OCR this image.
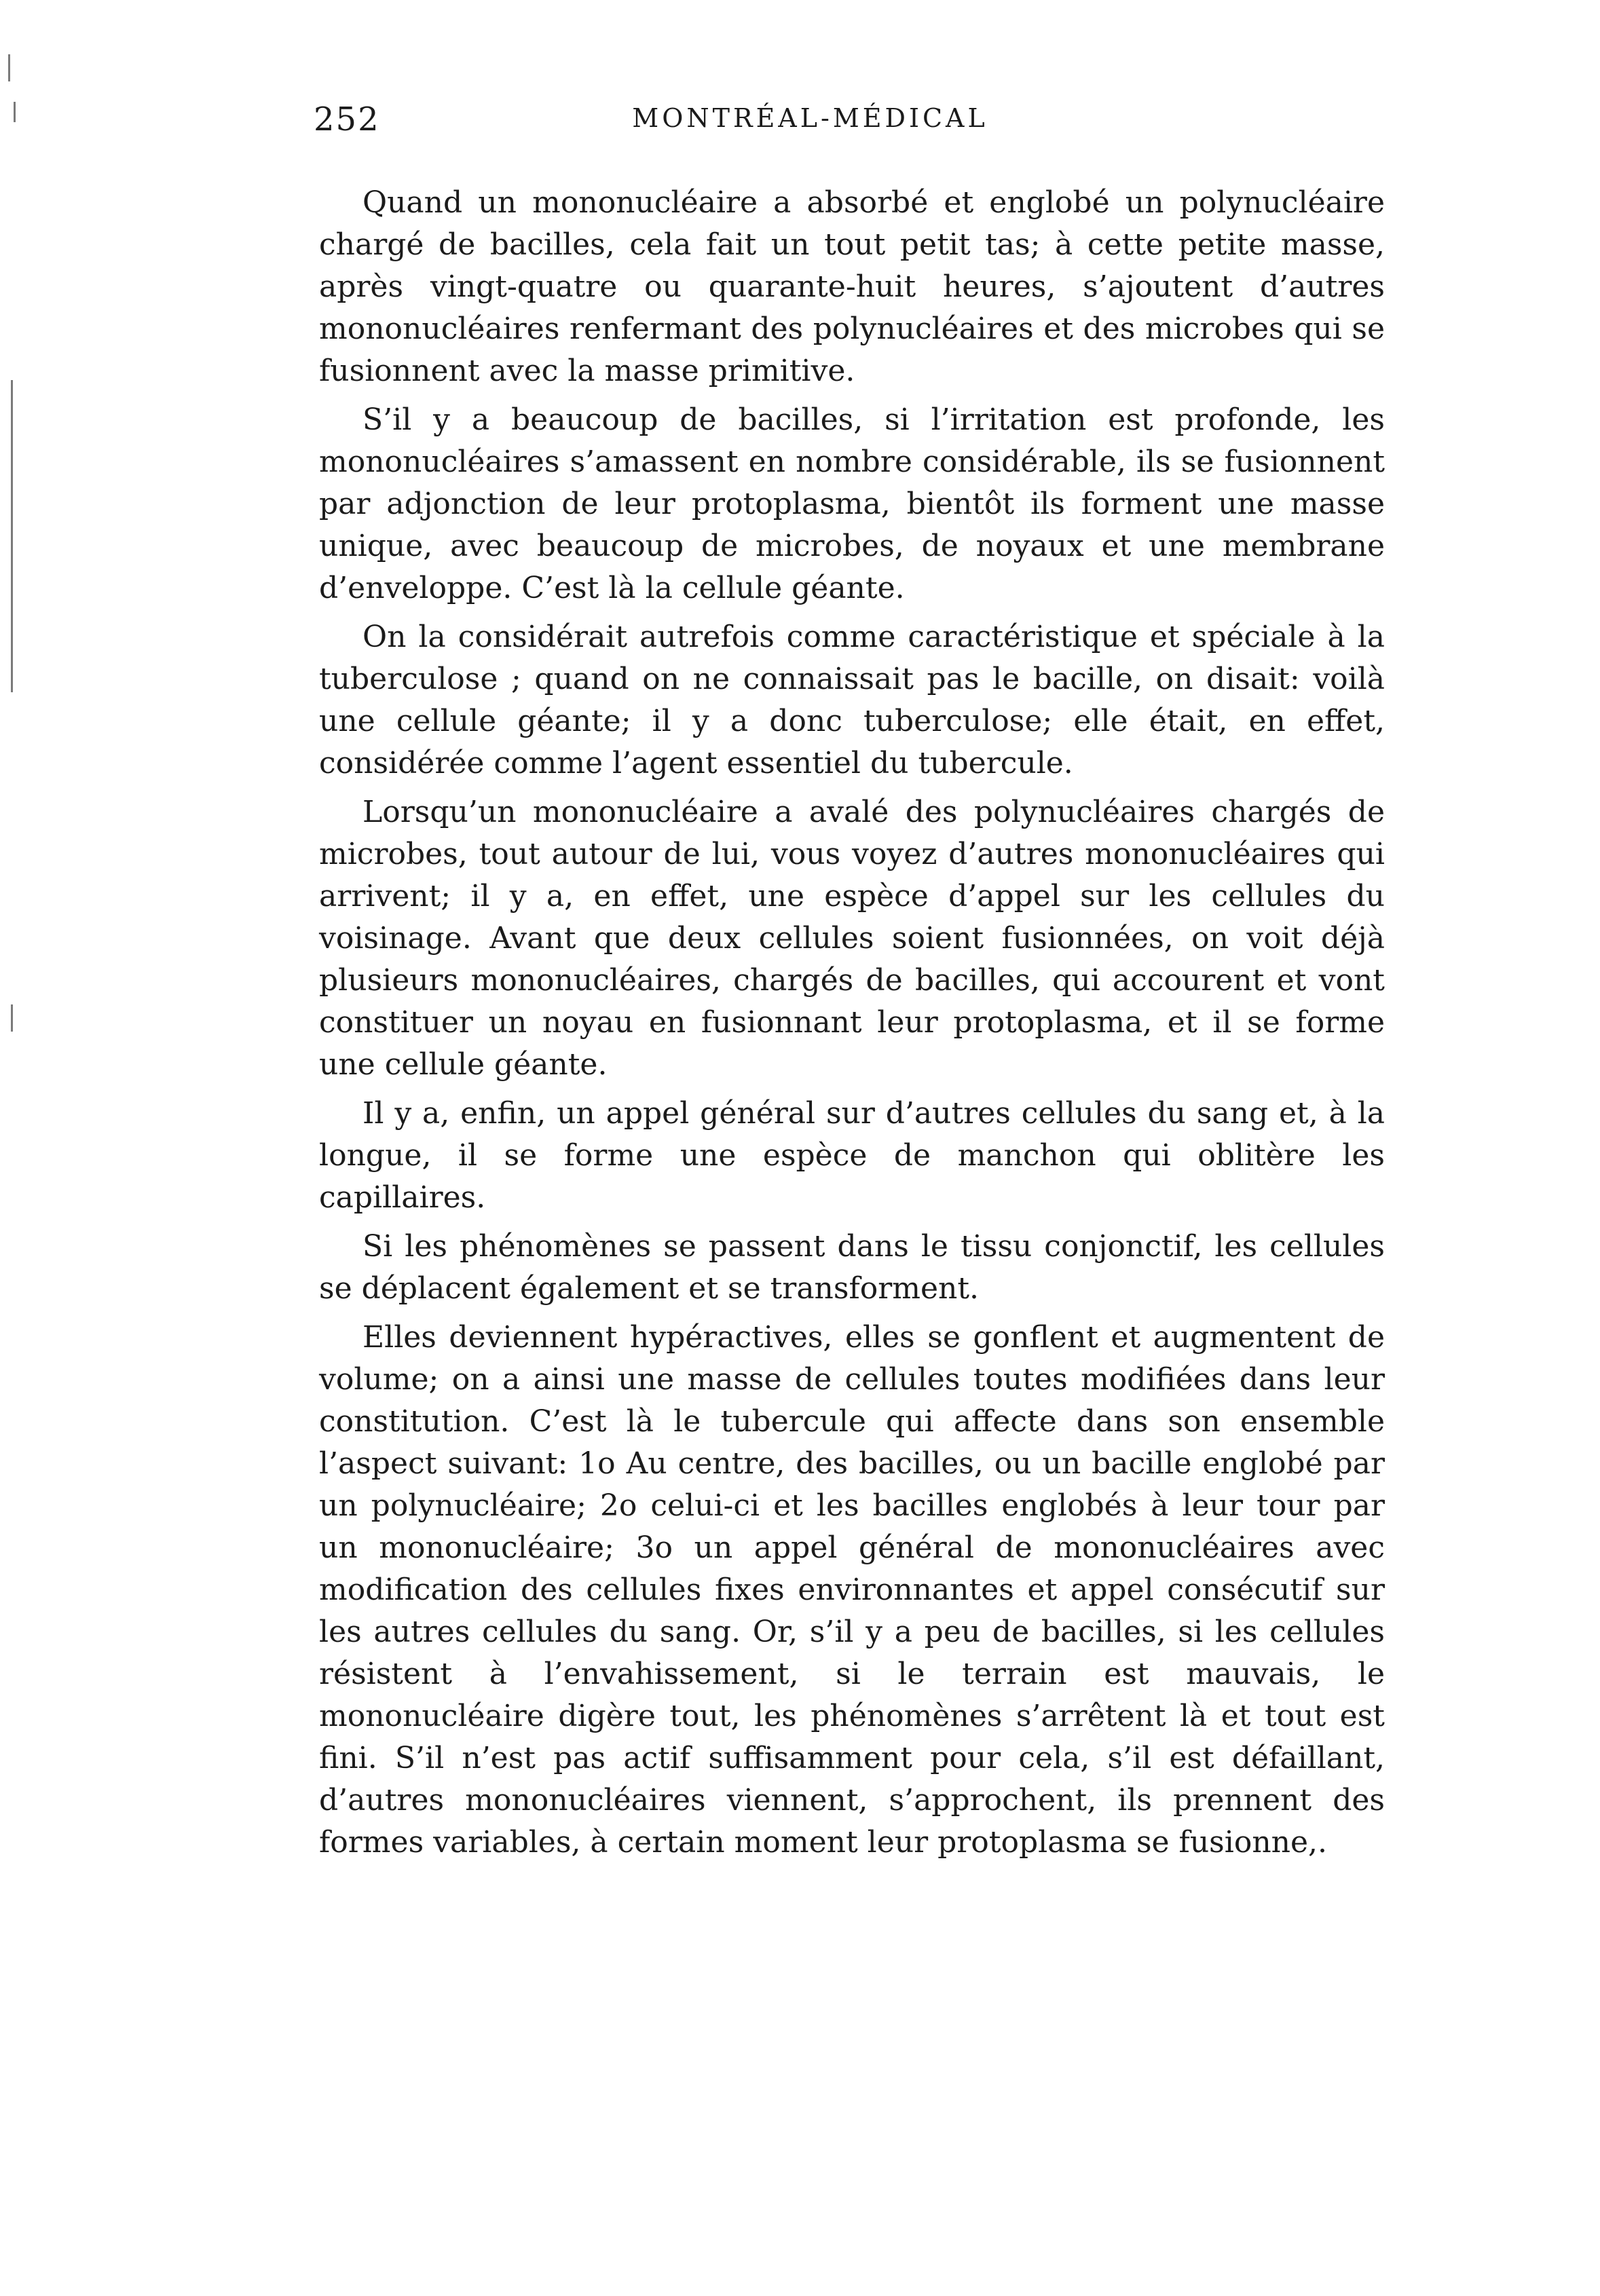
252	MONTRÉAL-MÉDICAL

Quand un mononucléaire a absorbé et englobé un polynucléaire chargé de bacilles, cela fait un tout petit tas; à cette petite masse, après vingt-quatre ou quarante-huit heures, s’ajoutent d’autres mononucléaires renfermant des polynucléaires et des microbes qui se fusionnent avec la masse primitive.

S’il y a beaucoup de bacilles, si l’irritation est profonde, les mononucléaires s’amassent en nombre considérable, ils se fusionnent par adjonction de leur protoplasma, bientôt ils forment une masse unique, avec beaucoup de microbes, de noyaux et une membrane d’enveloppe. C’est là la cellule géante.

On la considérait autrefois comme caractéristique et spéciale à la tuberculose ; quand on ne connaissait pas le bacille, on disait: voilà une cellule géante; il y a donc tuberculose; elle était, en effet, considérée comme l’agent essentiel du tubercule.

Lorsqu’un mononucléaire a avalé des polynucléaires chargés de microbes, tout autour de lui, vous voyez d’autres mononucléaires qui arrivent; il y a, en effet, une espèce d’appel sur les cellules du voisinage. Avant que deux cellules soient fusionnées, on voit déjà plusieurs mononucléaires, chargés de bacilles, qui accourent et vont constituer un noyau en fusionnant leur protoplasma, et il se forme une cellule géante.

Il y a, enfin, un appel général sur d’autres cellules du sang et, à la longue, il se forme une espèce de manchon qui oblitère les capillaires.

Si les phénomènes se passent dans le tissu conjonctif, les cellules se déplacent également et se transforment.

Elles deviennent hypéractives, elles se gonflent et augmentent de volume; on a ainsi une masse de cellules toutes modifiées dans leur constitution. C’est là le tubercule qui affecte dans son ensemble l’aspect suivant: 1o Au centre, des bacilles, ou un bacille englobé par un polynucléaire; 2o celui-ci et les bacilles englobés à leur tour par un mononucléaire; 3o un appel général de mononucléaires avec modification des cellules fixes environnantes et appel consécutif sur les autres cellules du sang. Or, s’il y a peu de bacilles, si les cellules résistent à l’envahissement, si le terrain est mauvais, le mononucléaire digère tout, les phénomènes s’arrêtent là et tout est fini. S’il n’est pas actif suffisamment pour cela, s’il est défaillant, d’autres mononucléaires viennent, s’approchent, ils prennent des formes variables, à certain moment leur protoplasma se fusionne,.
